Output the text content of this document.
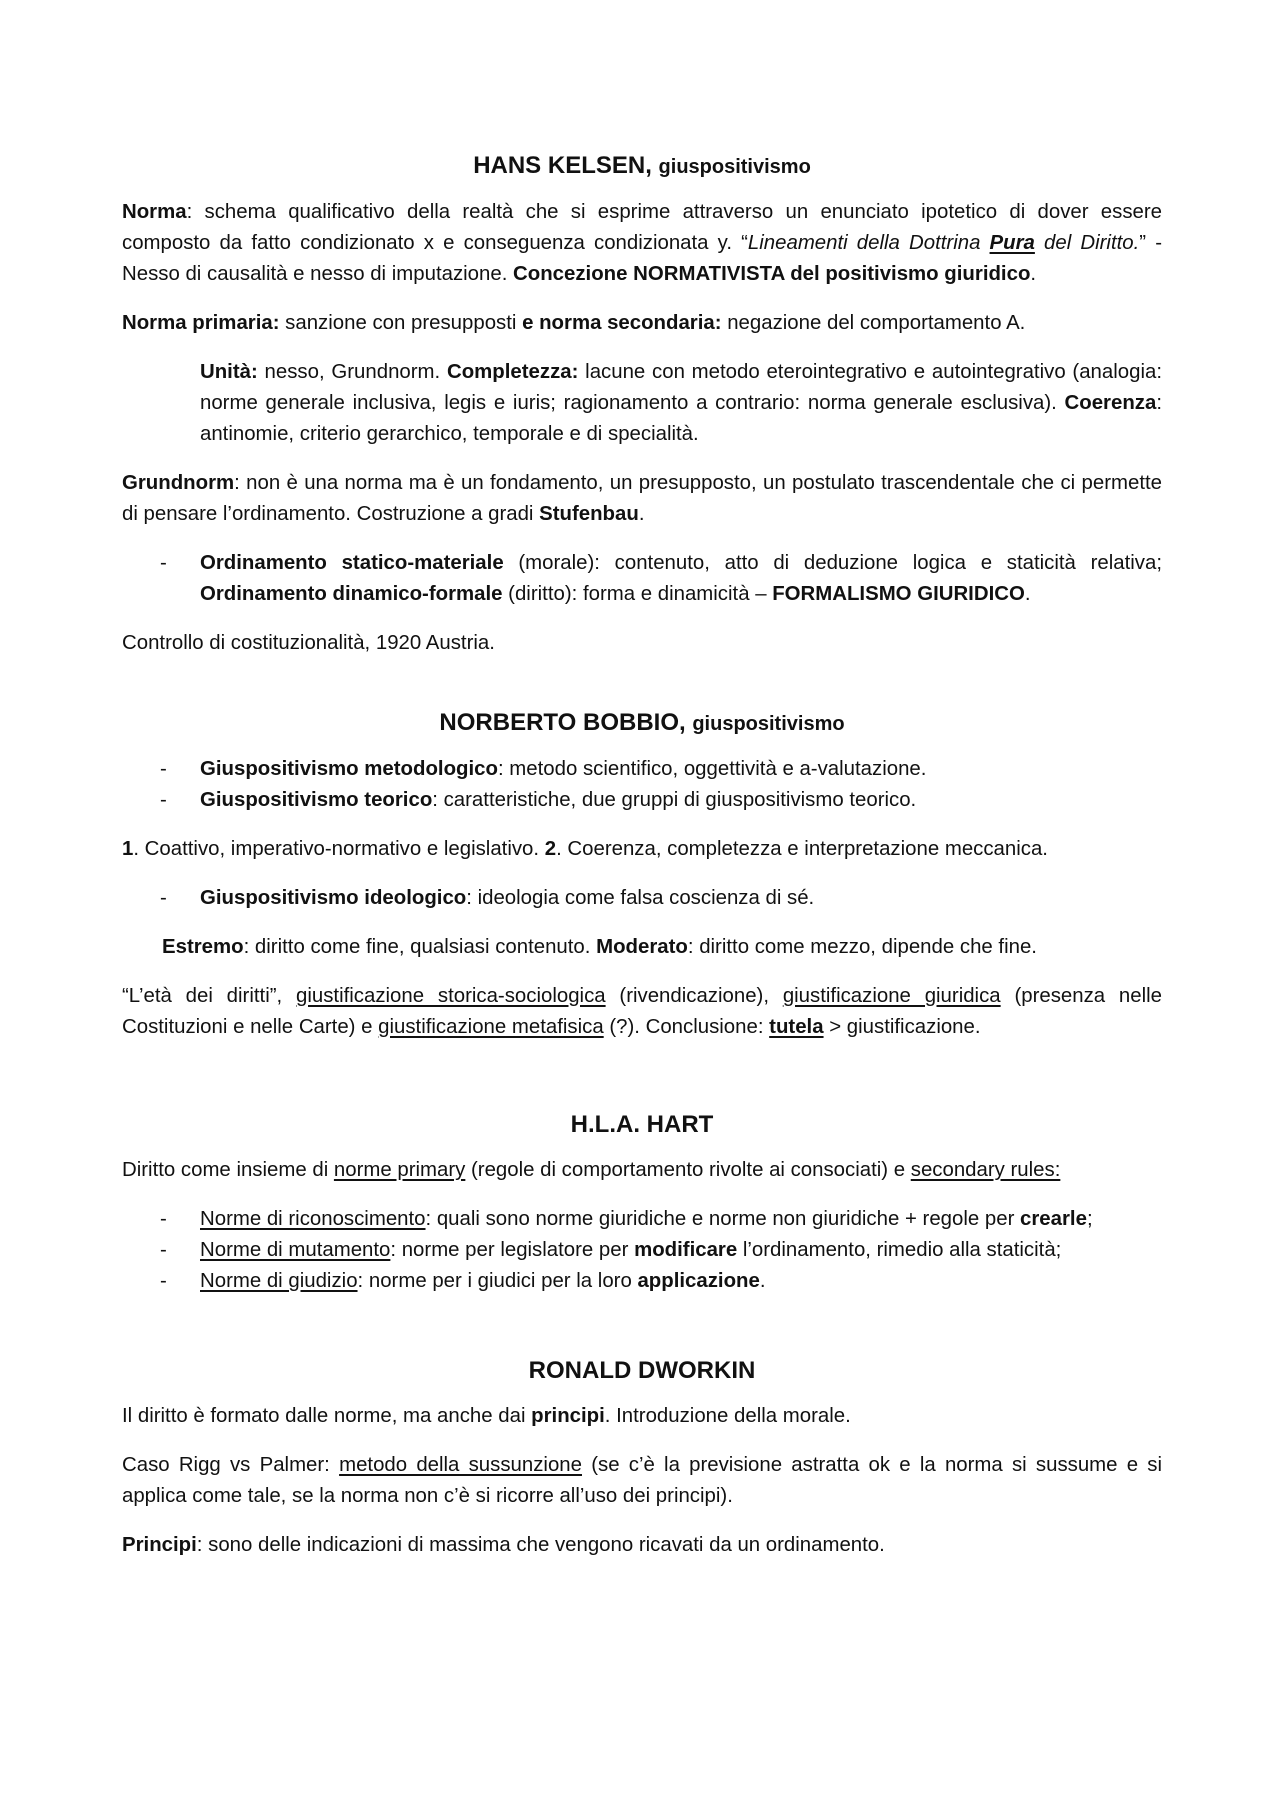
HANS KELSEN, giuspositivismo

Norma: schema qualificativo della realtà che si esprime attraverso un enunciato ipotetico di dover essere composto da fatto condizionato x e conseguenza condizionata y. “Lineamenti della Dottrina Pura del Diritto.” - Nesso di causalità e nesso di imputazione. Concezione NORMATIVISTA del positivismo giuridico.

Norma primaria: sanzione con presupposti e norma secondaria: negazione del comportamento A.

Unità: nesso, Grundnorm. Completezza: lacune con metodo eterointegrativo e autointegrativo (analogia: norme generale inclusiva, legis e iuris; ragionamento a contrario: norma generale esclusiva). Coerenza: antinomie, criterio gerarchico, temporale e di specialità.

Grundnorm: non è una norma ma è un fondamento, un presupposto, un postulato trascendentale che ci permette di pensare l’ordinamento. Costruzione a gradi Stufenbau.

- Ordinamento statico-materiale (morale): contenuto, atto di deduzione logica e staticità relativa; Ordinamento dinamico-formale (diritto): forma e dinamicità – FORMALISMO GIURIDICO.

Controllo di costituzionalità, 1920 Austria.

NORBERTO BOBBIO, giuspositivismo
- Giuspositivismo metodologico: metodo scientifico, oggettività e a-valutazione.
- Giuspositivismo teorico: caratteristiche, due gruppi di giuspositivismo teorico.

1. Coattivo, imperativo-normativo e legislativo. 2. Coerenza, completezza e interpretazione meccanica.

- Giuspositivismo ideologico: ideologia come falsa coscienza di sé.

Estremo: diritto come fine, qualsiasi contenuto. Moderato: diritto come mezzo, dipende che fine.

“L’età dei diritti”, giustificazione storica-sociologica (rivendicazione), giustificazione giuridica (presenza nelle Costituzioni e nelle Carte) e giustificazione metafisica (?). Conclusione: tutela > giustificazione.

H.L.A. HART

Diritto come insieme di norme primary (regole di comportamento rivolte ai consociati) e secondary rules:

- Norme di riconoscimento: quali sono norme giuridiche e norme non giuridiche + regole per crearle;
- Norme di mutamento: norme per legislatore per modificare l’ordinamento, rimedio alla staticità;
- Norme di giudizio: norme per i giudici per la loro applicazione.
RONALD DWORKIN

Il diritto è formato dalle norme, ma anche dai principi. Introduzione della morale.

Caso Rigg vs Palmer: metodo della sussunzione (se c’è la previsione astratta ok e la norma si sussume e si applica come tale, se la norma non c’è si ricorre all’uso dei principi).

Principi: sono delle indicazioni di massima che vengono ricavati da un ordinamento.
